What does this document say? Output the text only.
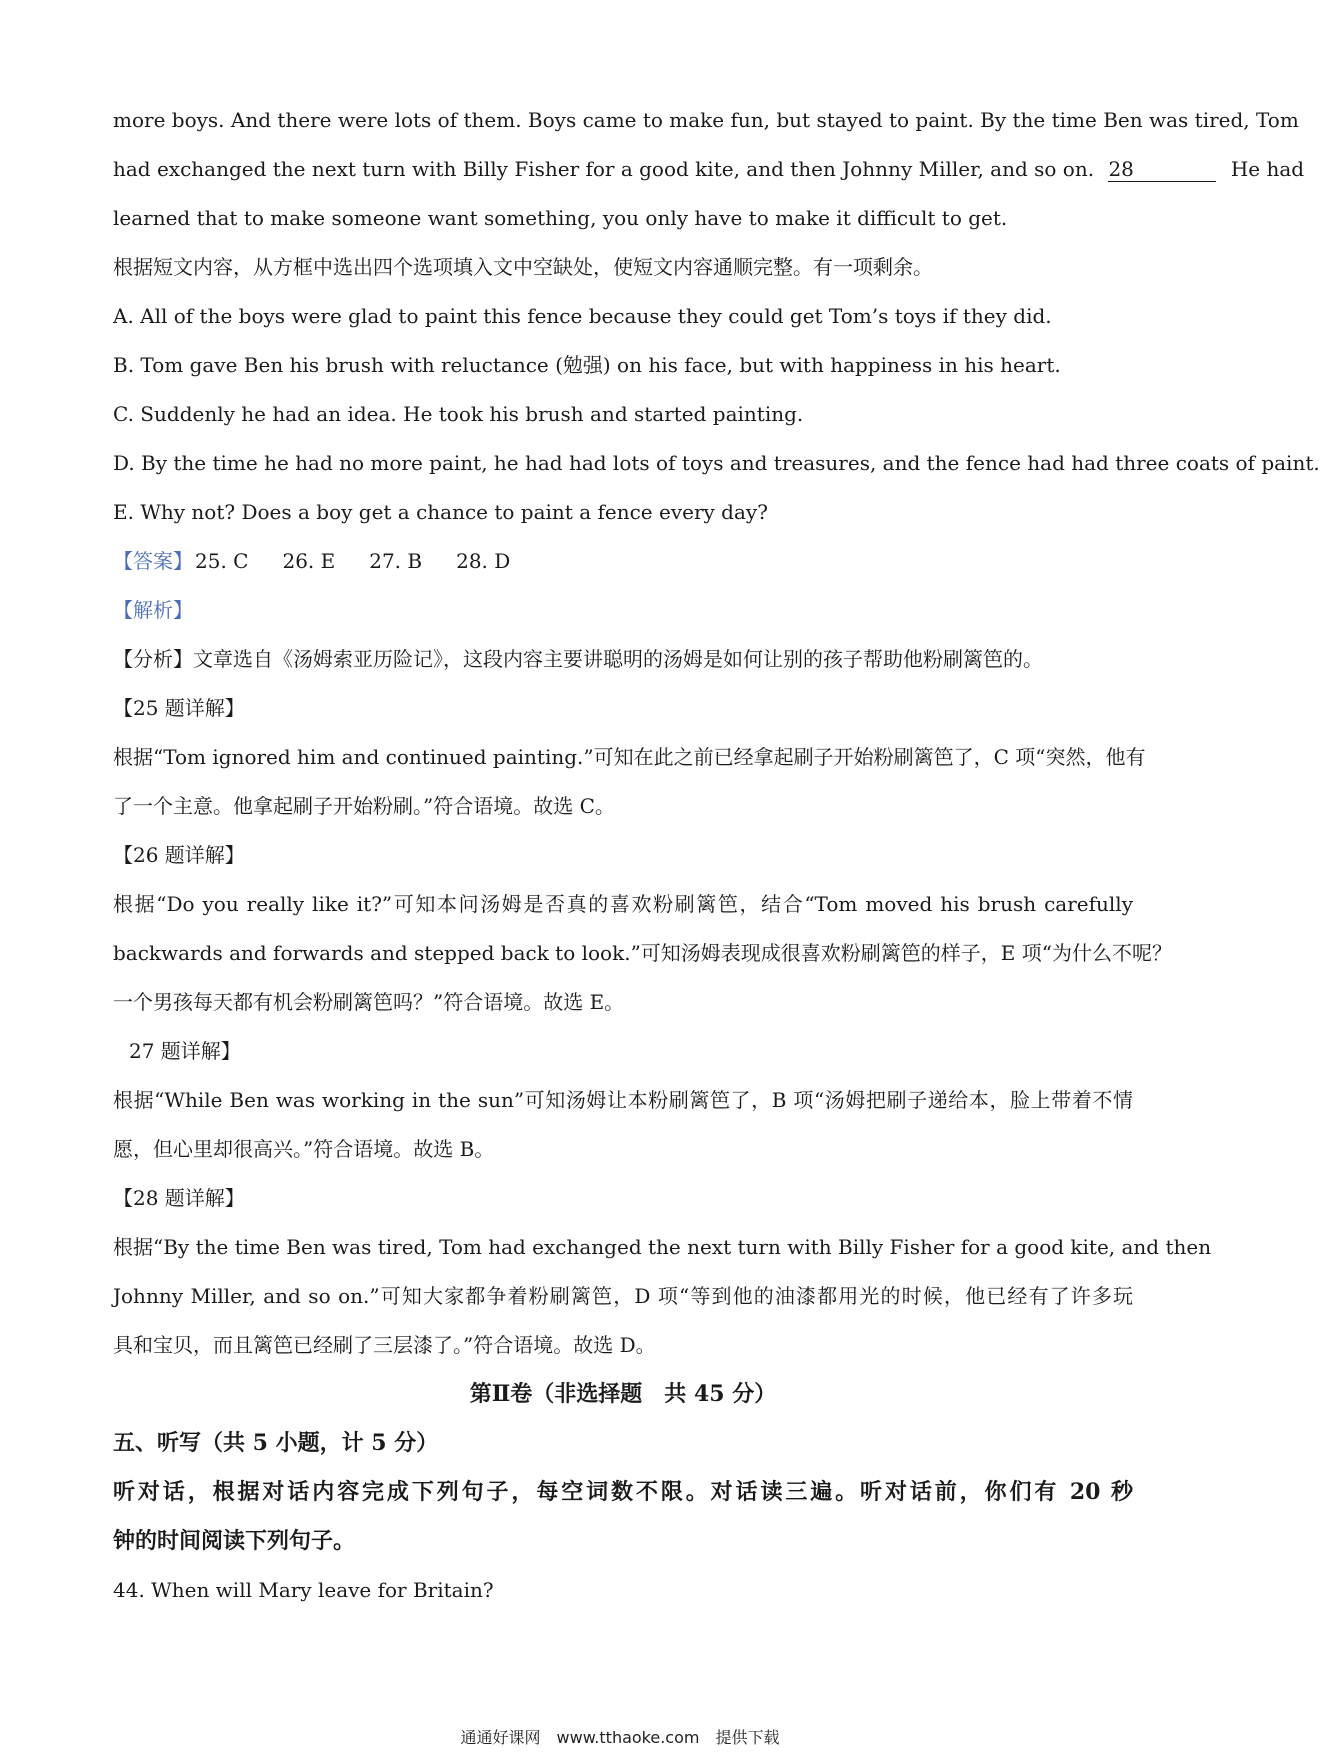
more boys. And there were lots of them. Boys came to make fun, but stayed to paint. By the time Ben was tired, Tom
had exchanged the next turn with Billy Fisher for a good kite, and then Johnny Miller, and so on. 28	He had
learned that to make someone want something, you only have to make it difficult to get.
根据短文内容，从方框中选出四个选项填入文中空缺处，使短文内容通顺完整。有一项剩余。
A. All of the boys were glad to paint this fence because they could get Tom’s toys if they did.
B. Tom gave Ben his brush with reluctance (勉强) on his face, but with happiness in his heart.
C. Suddenly he had an idea. He took his brush and started painting.
D. By the time he had no more paint, he had had lots of toys and treasures, and the fence had had three coats of paint.
E. Why not? Does a boy get a chance to paint a fence every day?
【答案】 25. C 26. E 27. B 28. D
【解析】
【分析】文章选自《汤姆索亚历险记》，这段内容主要讲聪明的汤姆是如何让别的孩子帮助他粉刷篱笆的。
【25 题详解】
根据“Tom ignored him and continued painting.”可知在此之前已经拿起刷子开始粉刷篱笆了，C 项“突然，他有
了一个主意。他拿起刷子开始粉刷。”符合语境。故选 C。
【26 题详解】
根据“Do you really like it?”可知本问汤姆是否真的喜欢粉刷篱笆，结合“Tom moved his brush carefully
backwards and forwards and stepped back to look.”可知汤姆表现成很喜欢粉刷篱笆的样子，E 项“为什么不呢？
一个男孩每天都有机会粉刷篱笆吗？”符合语境。故选 E。
27 题详解】
根据“While Ben was working in the sun”可知汤姆让本粉刷篱笆了，B 项“汤姆把刷子递给本，脸上带着不情
愿，但心里却很高兴。”符合语境。故选 B。
【28 题详解】
根据“By the time Ben was tired, Tom had exchanged the next turn with Billy Fisher for a good kite, and then
Johnny Miller, and so on.”可知大家都争着粉刷篱笆，D 项“等到他的油漆都用光的时候，他已经有了许多玩
具和宝贝，而且篱笆已经刷了三层漆了。”符合语境。故选 D。
第Ⅱ卷（非选择题　共 45 分）
五、听写（共 5 小题，计 5 分）
听对话，根据对话内容完成下列句子，每空词数不限。对话读三遍。听对话前，你们有 20 秒
钟的时间阅读下列句子。
44. When will Mary leave for Britain?
通通好课网　www.tthaoke.com　提供下载
